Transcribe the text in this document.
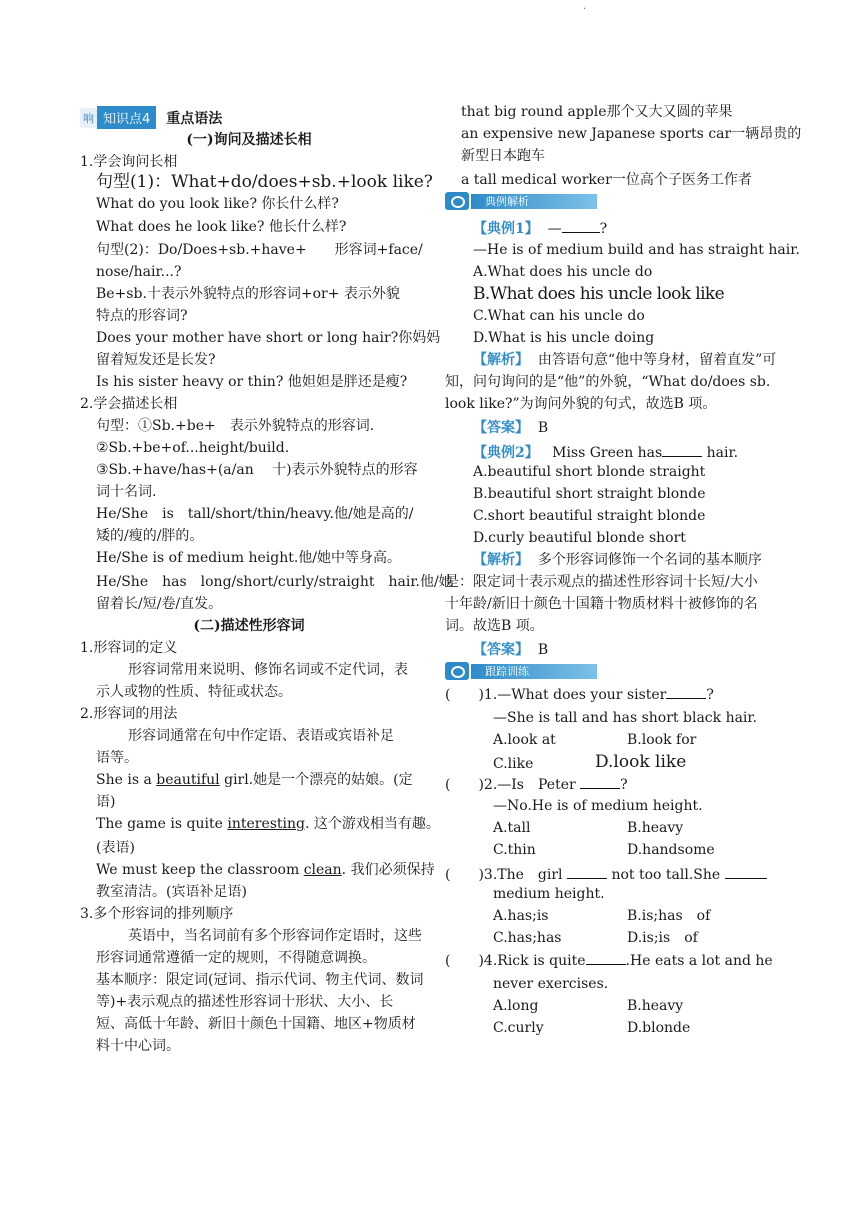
·
响 知识点4 重点语法
(一)询问及描述长相
1.学会询问长相
句型(1)：What+do/does+sb.+look like?
What do you look like? 你长什么样?
What does he look like? 他长什么样?
句型(2)：Do/Does+sb.+have+　　形容词+face/
nose/hair...?
Be+sb.十表示外貌特点的形容词+or+ 表示外貌
特点的形容词?
Does your mother have short or long hair?你妈妈
留着短发还是长发?
Is his sister heavy or thin? 他妲妲是胖还是瘦?
2.学会描述长相
句型：①Sb.+be+　表示外貌特点的形容词.
②Sb.+be+of...height/build.
③Sb.+have/has+(a/an　 十)表示外貌特点的形容
词十名词.
He/She　is　tall/short/thin/heavy.他/她是高的/
矮的/瘦的/胖的。
He/She is of medium height.他/她中等身高。
He/She　has　long/short/curly/straight　hair.他/她
留着长/短/卷/直发。
(二)描述性形容词
1.形容词的定义
形容词常用来说明、修饰名词或不定代词，表
示人或物的性质、特征或状态。
2.形容词的用法
形容词通常在句中作定语、表语或宾语补足
语等。
She is a beautiful girl.她是一个漂亮的姑娘。(定
语)
The game is quite interesting. 这个游戏相当有趣。
(表语)
We must keep the classroom clean. 我们必须保持
教室清洁。(宾语补足语)
3.多个形容词的排列顺序
英语中，当名词前有多个形容词作定语时，这些
形容词通常遵循一定的规则，不得随意调换。
基本顺序：限定词(冠词、指示代词、物主代词、数词
等)+表示观点的描述性形容词十形状、大小、长
短、高低十年龄、新旧十颜色十国籍、地区+物质材
料十中心词。
that big round apple那个又大又圆的苹果
an expensive new Japanese sports car一辆昂贵的
新型日本跑车
a tall medical worker一位高个子医务工作者
典例解析
【典例1】 —	?
—He is of medium build and has straight hair.
A.What does his uncle do
B.What does his uncle look like
C.What can his uncle do
D.What is his uncle doing
【解析】 由答语句意“他中等身材，留着直发”可
知，问句询问的是“他”的外貌，“What do/does sb.
look like?”为询问外貌的句式，故选B 项。
【答案】 B
【典例2】 Miss Green has	hair.
A.beautiful short blonde straight
B.beautiful short straight blonde
C.short beautiful straight blonde
D.curly beautiful blonde short
【解析】 多个形容词修饰一个名词的基本顺序
是：限定词十表示观点的描述性形容词十长短/大小
十年龄/新旧十颜色十国籍十物质材料十被修饰的名
词。故选B 项。
【答案】 B
跟踪训练
(　　)1.—What does your sister	?
—She is tall and has short black hair.
A.look at	B.look for
C.like	D.look like
(　　)2.—Is　Peter	?
—No.He is of medium height.
A.tall	B.heavy
C.thin	D.handsome
(　　)3.The　girl	not too tall.She
medium height.
A.has;is	B.is;has　of
C.has;has	D.is;is　of
(　　)4.Rick is quite	.He eats a lot and he
never exercises.
A.long	B.heavy
C.curly	D.blonde
